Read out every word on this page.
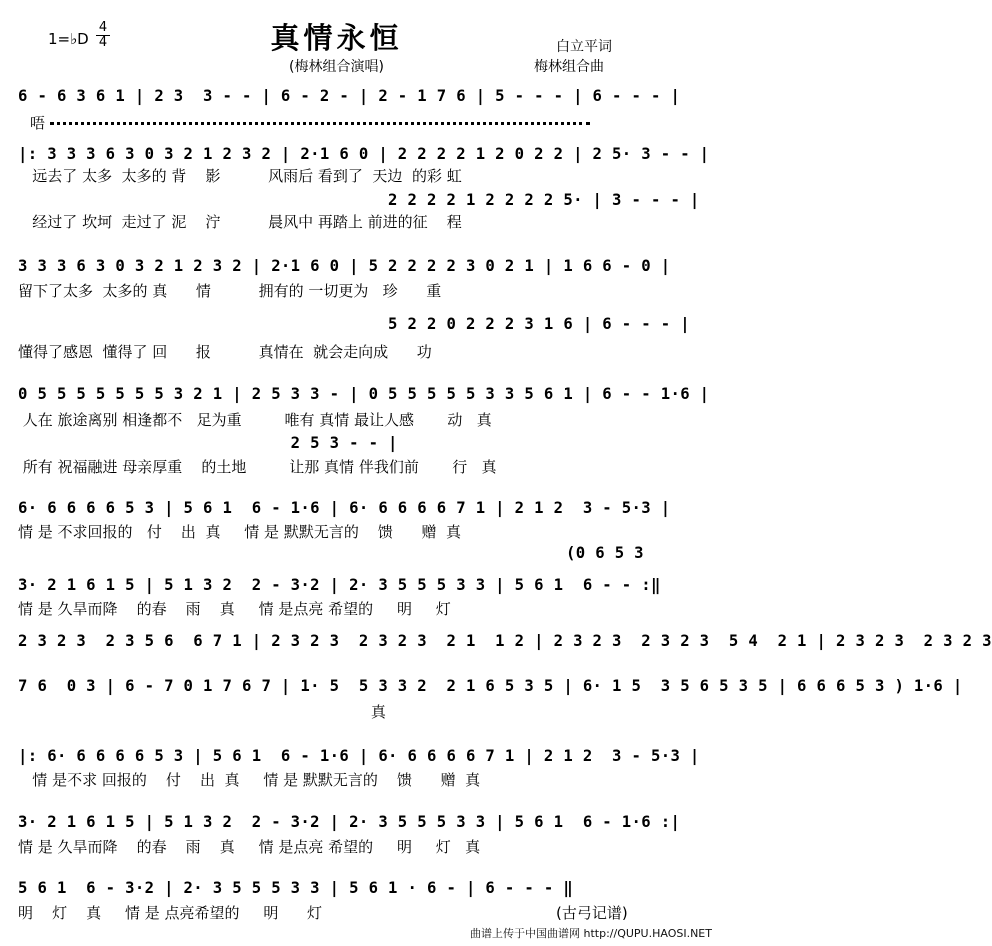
1=♭D
4
4	真情永恒	白立平词
(梅林组合演唱)	梅林组合曲
6 - 6 3 6 1 | 2 3  3 - - | 6 - 2 - | 2 - 1 7 6 | 5 - - - | 6 - - - |
唔
|: 3 3 3 6 3 0 3 2 1 2 3 2 | 2·1 6 0 | 2 2 2 2 1 2 0 2 2 | 2 5· 3 - - |
远去了 太多  太多的 背    影          风雨后 看到了  天边  的彩 虹
2 2 2 2 1 2 2 2 2 5· | 3 - - - |
经过了 坎坷  走过了 泥    泞          晨风中 再踏上 前进的征    程
3 3 3 6 3 0 3 2 1 2 3 2 | 2·1 6 0 | 5 2 2 2 2 3 0 2 1 | 1 6 6 - 0 |
留下了太多  太多的 真      情          拥有的 一切更为   珍      重
5 2 2 0 2 2 2 3 1 6 | 6 - - - |
懂得了感恩  懂得了 回      报          真情在  就会走向成      功
0 5 5 5 5 5 5 5 3 2 1 | 2 5 3 3 - | 0 5 5 5 5 5 3 3 5 6 1 | 6 - - 1·6 |
人在 旅途离别 相逢都不   足为重         唯有 真情 最让人感       动   真
2 5 3 - - |
所有 祝福融进 母亲厚重    的土地         让那 真情 伴我们前       行   真
6· 6 6 6 6 5 3 | 5 6 1  6 - 1·6 | 6· 6 6 6 6 7 1 | 2 1 2  3 - 5·3 |
情 是 不求回报的   付    出  真     情 是 默默无言的    馈      赠  真
(0 6 5 3
3· 2 1 6 1 5 | 5 1 3 2  2 - 3·2 | 2· 3 5 5 5 3 3 | 5 6 1  6 - - :‖
情 是 久旱而降    的春    雨    真     情 是点亮 希望的     明     灯
2 3 2 3  2 3 5 6  6 7 1 | 2 3 2 3  2 3 2 3  2 1  1 2 | 2 3 2 3  2 3 2 3  5 4  2 1 | 2 3 2 3  2 3 2 3
7 6  0 3 | 6 - 7 0 1 7 6 7 | 1· 5  5 3 3 2  2 1 6 5 3 5 | 6· 1 5  3 5 6 5 3 5 | 6 6 6 5 3 ) 1·6 |
真
|: 6· 6 6 6 6 5 3 | 5 6 1  6 - 1·6 | 6· 6 6 6 6 7 1 | 2 1 2  3 - 5·3 |
情 是不求 回报的    付    出  真     情 是 默默无言的    馈      赠  真
3· 2 1 6 1 5 | 5 1 3 2  2 - 3·2 | 2· 3 5 5 5 3 3 | 5 6 1  6 - 1·6 :|
情 是 久旱而降    的春    雨    真     情 是点亮 希望的     明     灯   真
5 6 1  6 - 3·2 | 2· 3 5 5 5 3 3 | 5 6 1 · 6 - | 6 - - - ‖
明    灯    真     情 是 点亮希望的     明      灯	(古弓记谱)
曲谱上传于中国曲谱网 http://QUPU.HAOSI.NET
